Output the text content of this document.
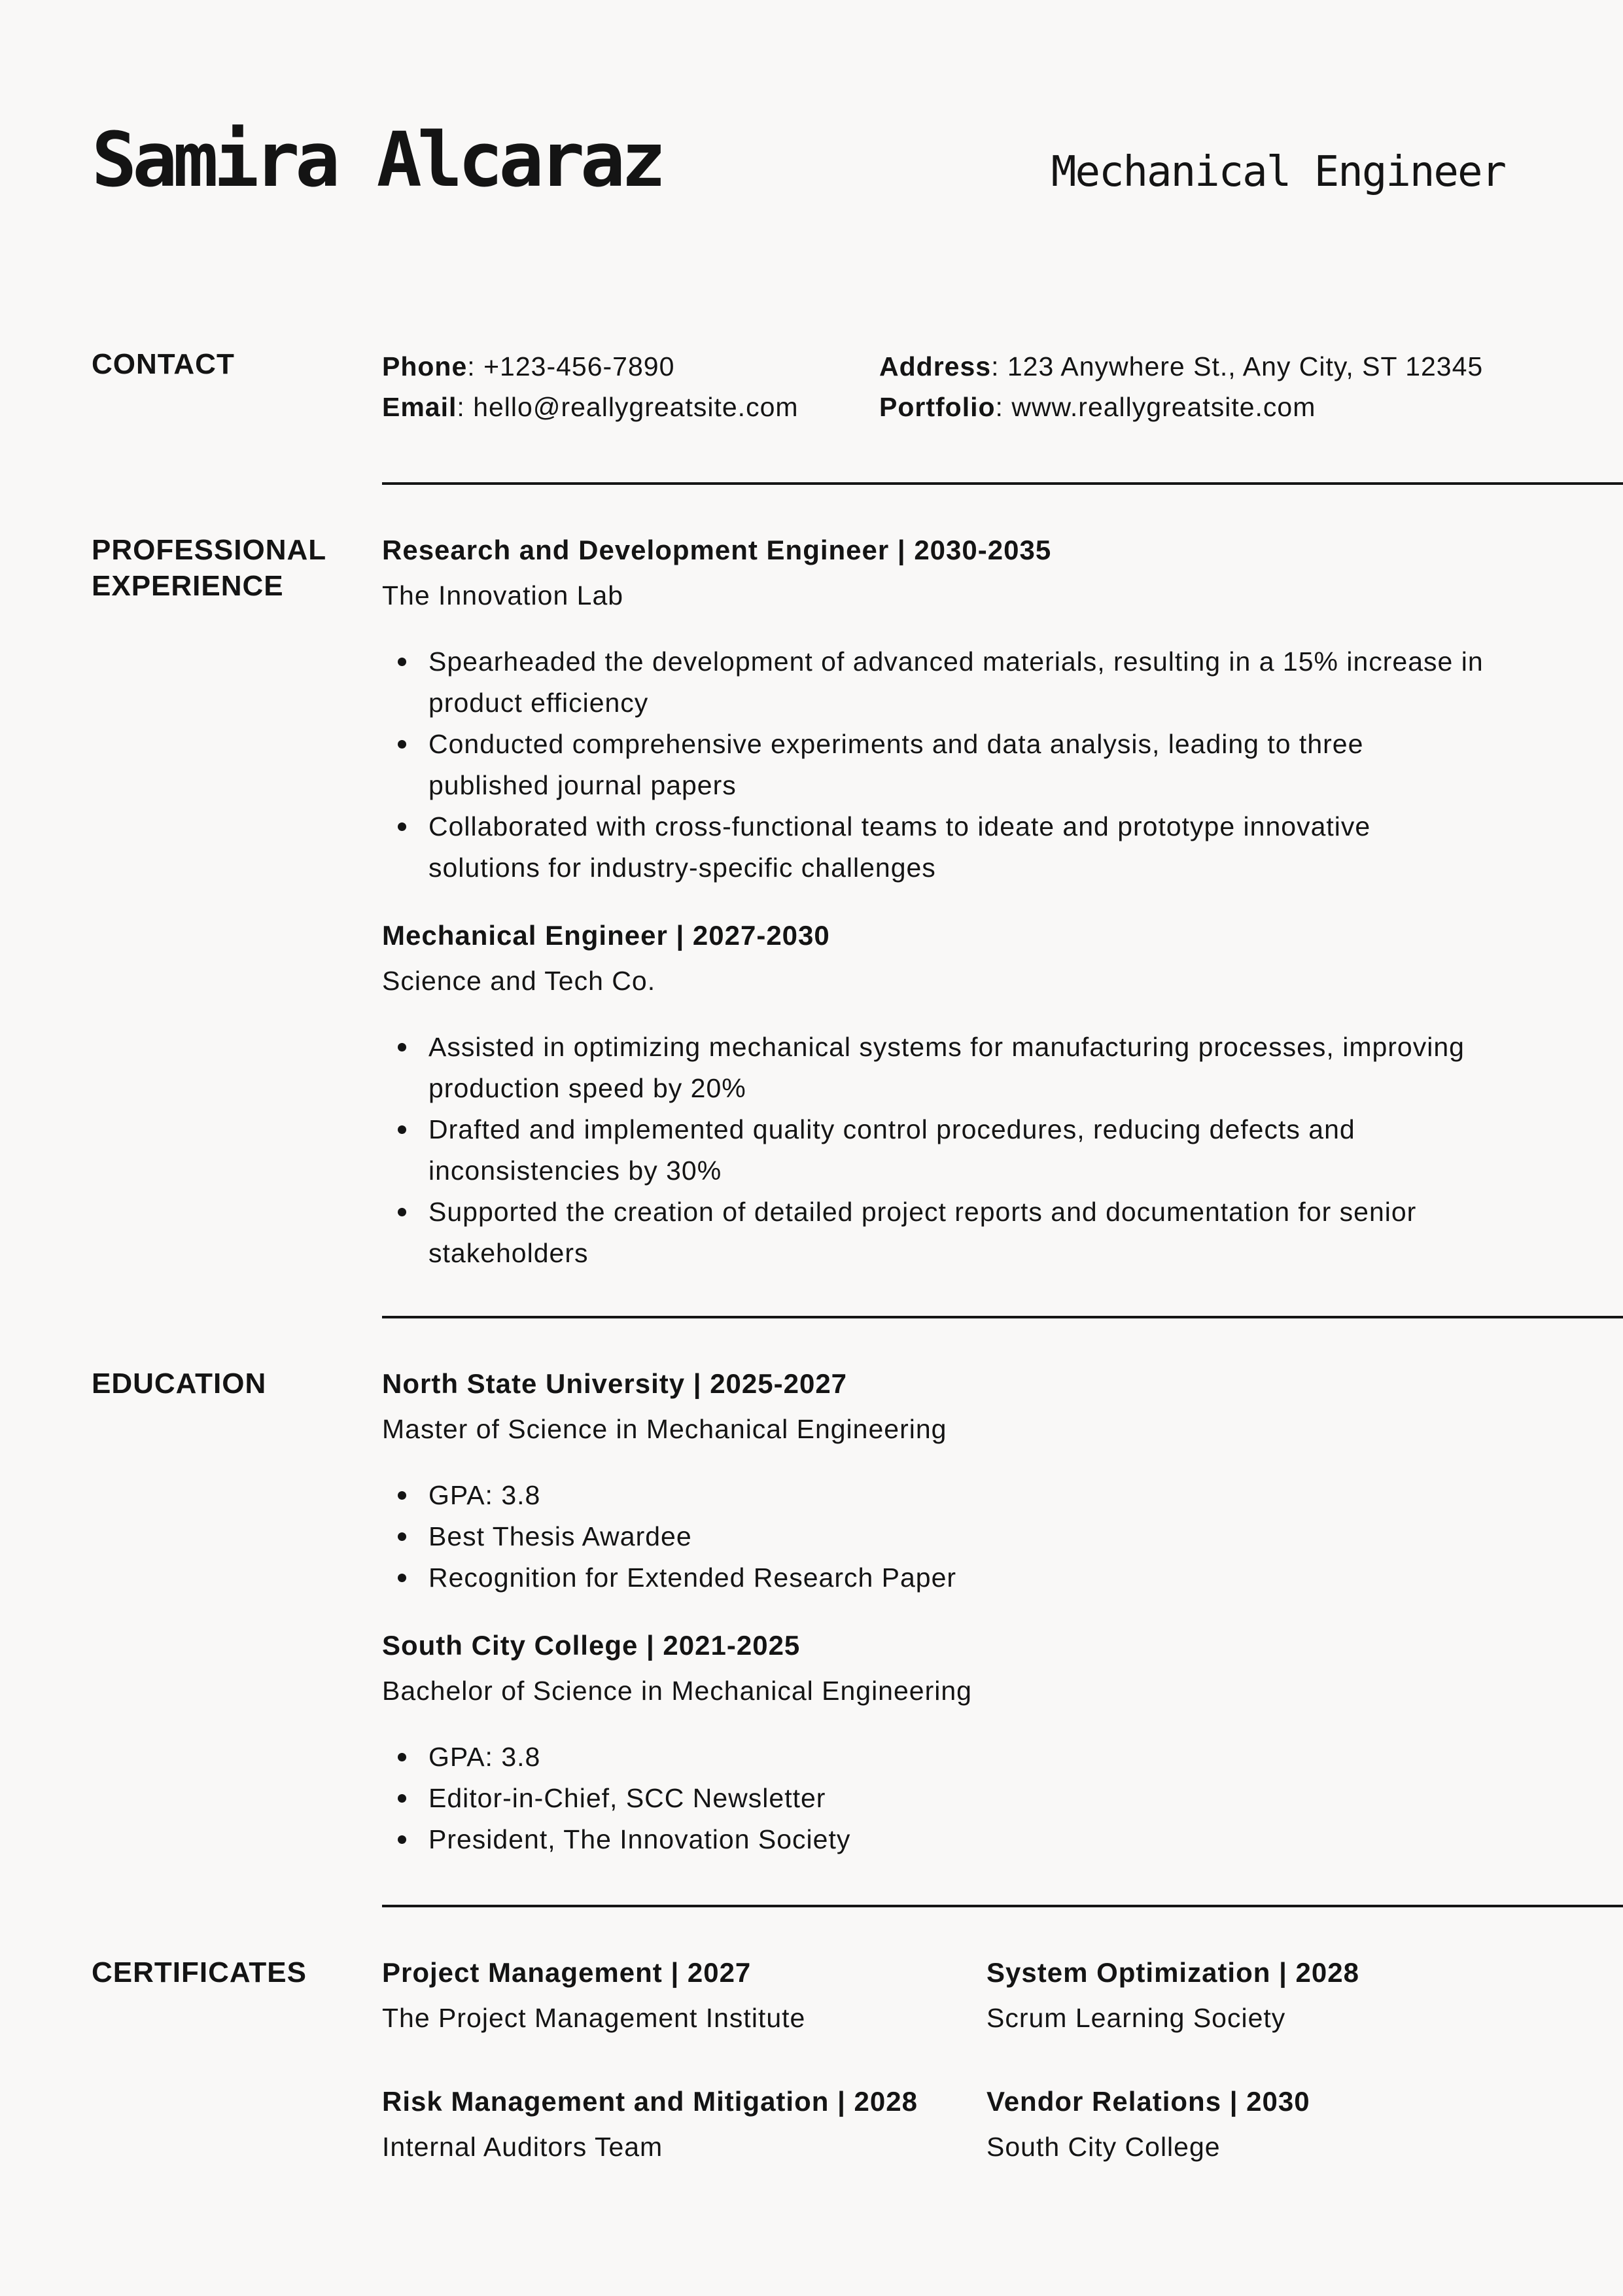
Samira Alcaraz	Mechanical Engineer
CONTACT	Phone: +123-456-7890
Email: hello@reallygreatsite.com
Address: 123 Anywhere St., Any City, ST 12345
Portfolio: www.reallygreatsite.com
PROFESSIONAL EXPERIENCE
Research and Development Engineer | 2030-2035
The Innovation Lab
Spearheaded the development of advanced materials, resulting in a 15% increase in product efficiency
Conducted comprehensive experiments and data analysis, leading to three published journal papers
Collaborated with cross-functional teams to ideate and prototype innovative solutions for industry-specific challenges
Mechanical Engineer | 2027-2030
Science and Tech Co.
Assisted in optimizing mechanical systems for manufacturing processes, improving production speed by 20%
Drafted and implemented quality control procedures, reducing defects and inconsistencies by 30%
Supported the creation of detailed project reports and documentation for senior stakeholders
EDUCATION	North State University | 2025-2027
Master of Science in Mechanical Engineering
GPA: 3.8
Best Thesis Awardee
Recognition for Extended Research Paper
South City College | 2021-2025
Bachelor of Science in Mechanical Engineering
GPA: 3.8
Editor-in-Chief, SCC Newsletter
President, The Innovation Society
CERTIFICATES	Project Management | 2027
The Project Management Institute
System Optimization | 2028
Scrum Learning Society
Risk Management and Mitigation | 2028
Internal Auditors Team
Vendor Relations | 2030
South City College
